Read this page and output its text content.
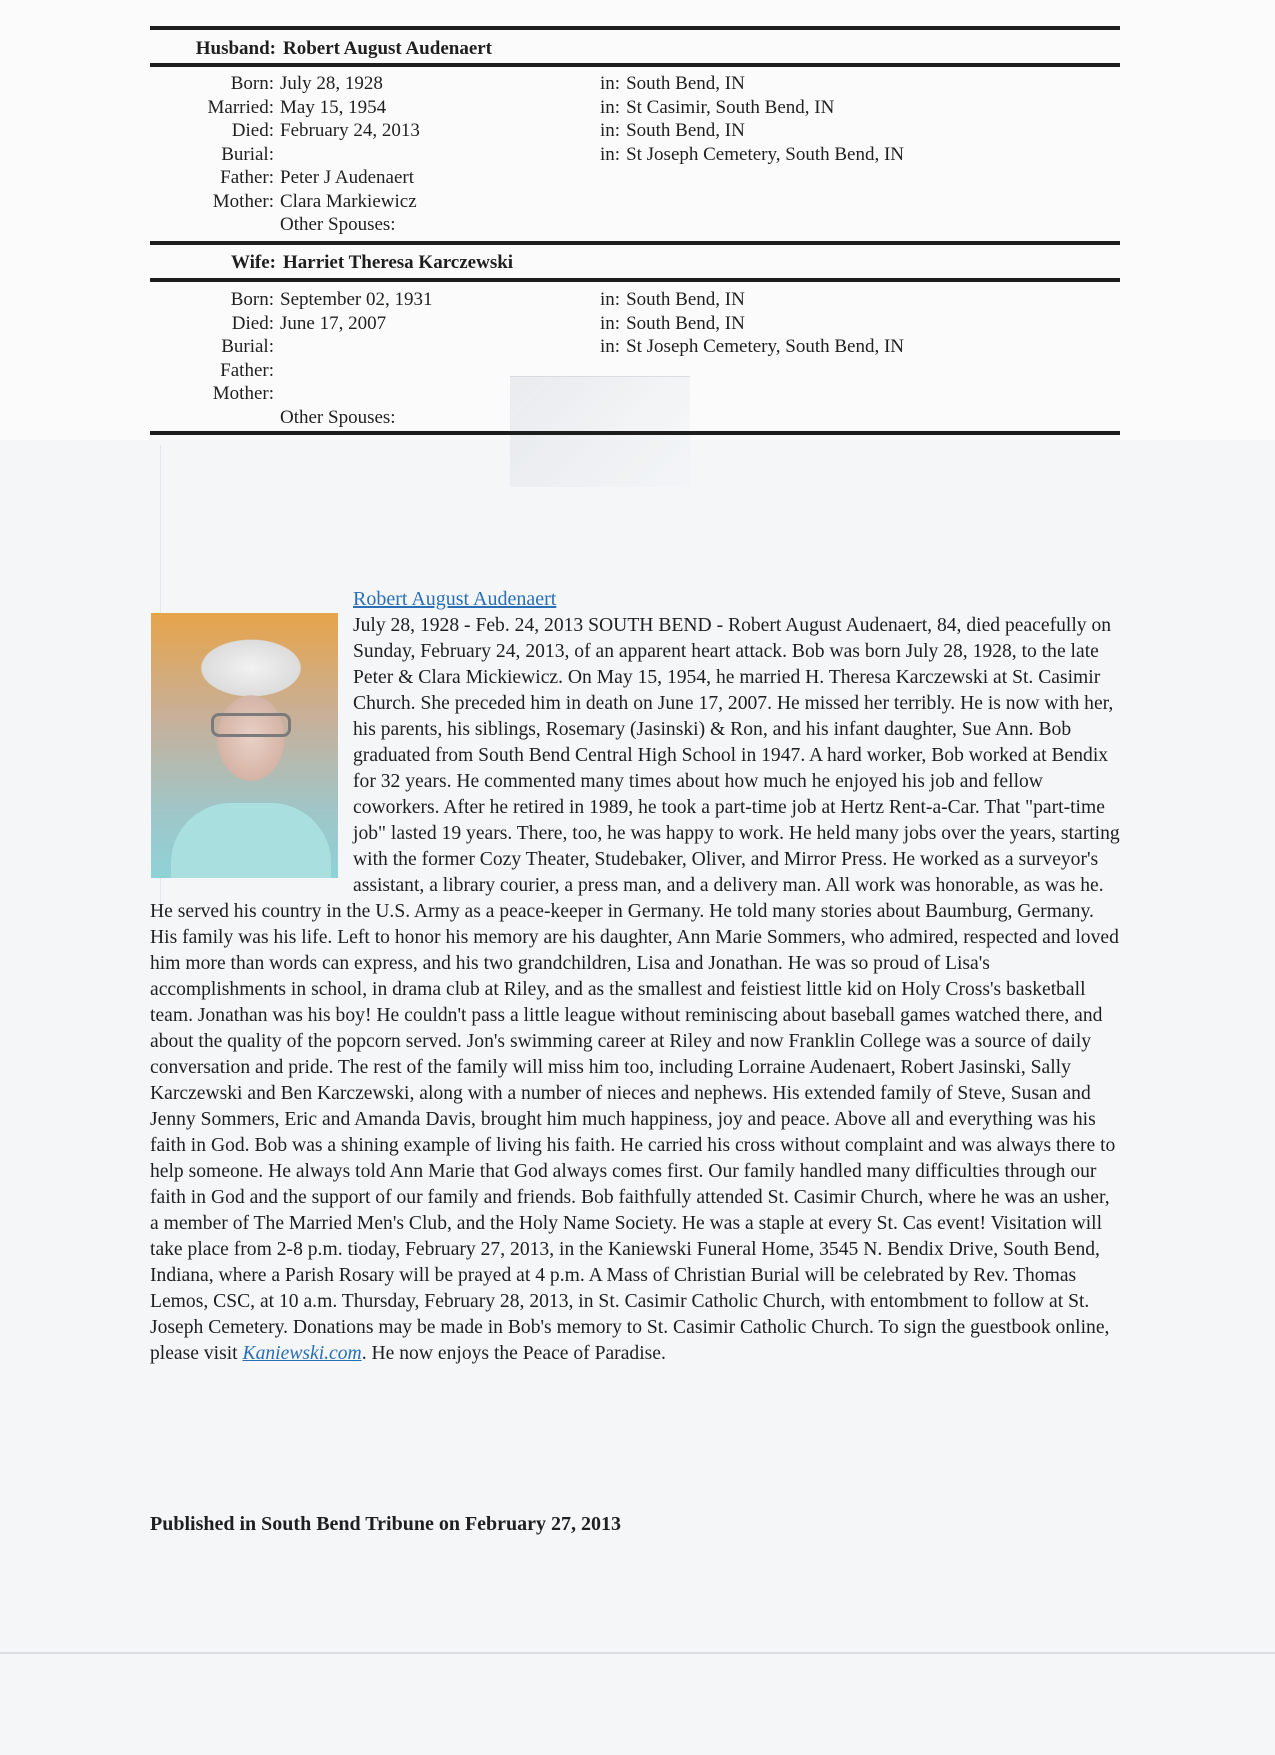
Husband: Robert August Audenaert
Born: July 28, 1928	in: South Bend, IN
Married: May 15, 1954	in: St Casimir, South Bend, IN
Died: February 24, 2013	in: South Bend, IN
Burial:	in: St Joseph Cemetery, South Bend, IN
Father: Peter J Audenaert
Mother: Clara Markiewicz
Other Spouses:
Wife: Harriet Theresa Karczewski
Born: September 02, 1931	in: South Bend, IN
Died: June 17, 2007	in: South Bend, IN
Burial:	in: St Joseph Cemetery, South Bend, IN
Father:
Mother:
Other Spouses:
Robert August Audenaert

July 28, 1928 - Feb. 24, 2013 SOUTH BEND - Robert August Audenaert, 84, died peacefully on Sunday, February 24, 2013, of an apparent heart attack. Bob was born July 28, 1928, to the late Peter & Clara Mickiewicz. On May 15, 1954, he married H. Theresa Karczewski at St. Casimir Church. She preceded him in death on June 17, 2007. He missed her terribly. He is now with her, his parents, his siblings, Rosemary (Jasinski) & Ron, and his infant daughter, Sue Ann. Bob graduated from South Bend Central High School in 1947. A hard worker, Bob worked at Bendix for 32 years. He commented many times about how much he enjoyed his job and fellow coworkers. After he retired in 1989, he took a part-time job at Hertz Rent-a-Car. That "part-time job" lasted 19 years. There, too, he was happy to work. He held many jobs over the years, starting with the former Cozy Theater, Studebaker, Oliver, and Mirror Press. He worked as a surveyor's assistant, a library courier, a press man, and a delivery man. All work was honorable, as was he. He served his country in the U.S. Army as a peace-keeper in Germany. He told many stories about Baumburg, Germany. His family was his life. Left to honor his memory are his daughter, Ann Marie Sommers, who admired, respected and loved him more than words can express, and his two grandchildren, Lisa and Jonathan. He was so proud of Lisa's accomplishments in school, in drama club at Riley, and as the smallest and feistiest little kid on Holy Cross's basketball team. Jonathan was his boy! He couldn't pass a little league without reminiscing about baseball games watched there, and about the quality of the popcorn served. Jon's swimming career at Riley and now Franklin College was a source of daily conversation and pride. The rest of the family will miss him too, including Lorraine Audenaert, Robert Jasinski, Sally Karczewski and Ben Karczewski, along with a number of nieces and nephews. His extended family of Steve, Susan and Jenny Sommers, Eric and Amanda Davis, brought him much happiness, joy and peace. Above all and everything was his faith in God. Bob was a shining example of living his faith. He carried his cross without complaint and was always there to help someone. He always told Ann Marie that God always comes first. Our family handled many difficulties through our faith in God and the support of our family and friends. Bob faithfully attended St. Casimir Church, where he was an usher, a member of The Married Men's Club, and the Holy Name Society. He was a staple at every St. Cas event! Visitation will take place from 2-8 p.m. tioday, February 27, 2013, in the Kaniewski Funeral Home, 3545 N. Bendix Drive, South Bend, Indiana, where a Parish Rosary will be prayed at 4 p.m. A Mass of Christian Burial will be celebrated by Rev. Thomas Lemos, CSC, at 10 a.m. Thursday, February 28, 2013, in St. Casimir Catholic Church, with entombment to follow at St. Joseph Cemetery. Donations may be made in Bob's memory to St. Casimir Catholic Church. To sign the guestbook online, please visit Kaniewski.com. He now enjoys the Peace of Paradise.

Published in South Bend Tribune on February 27, 2013
